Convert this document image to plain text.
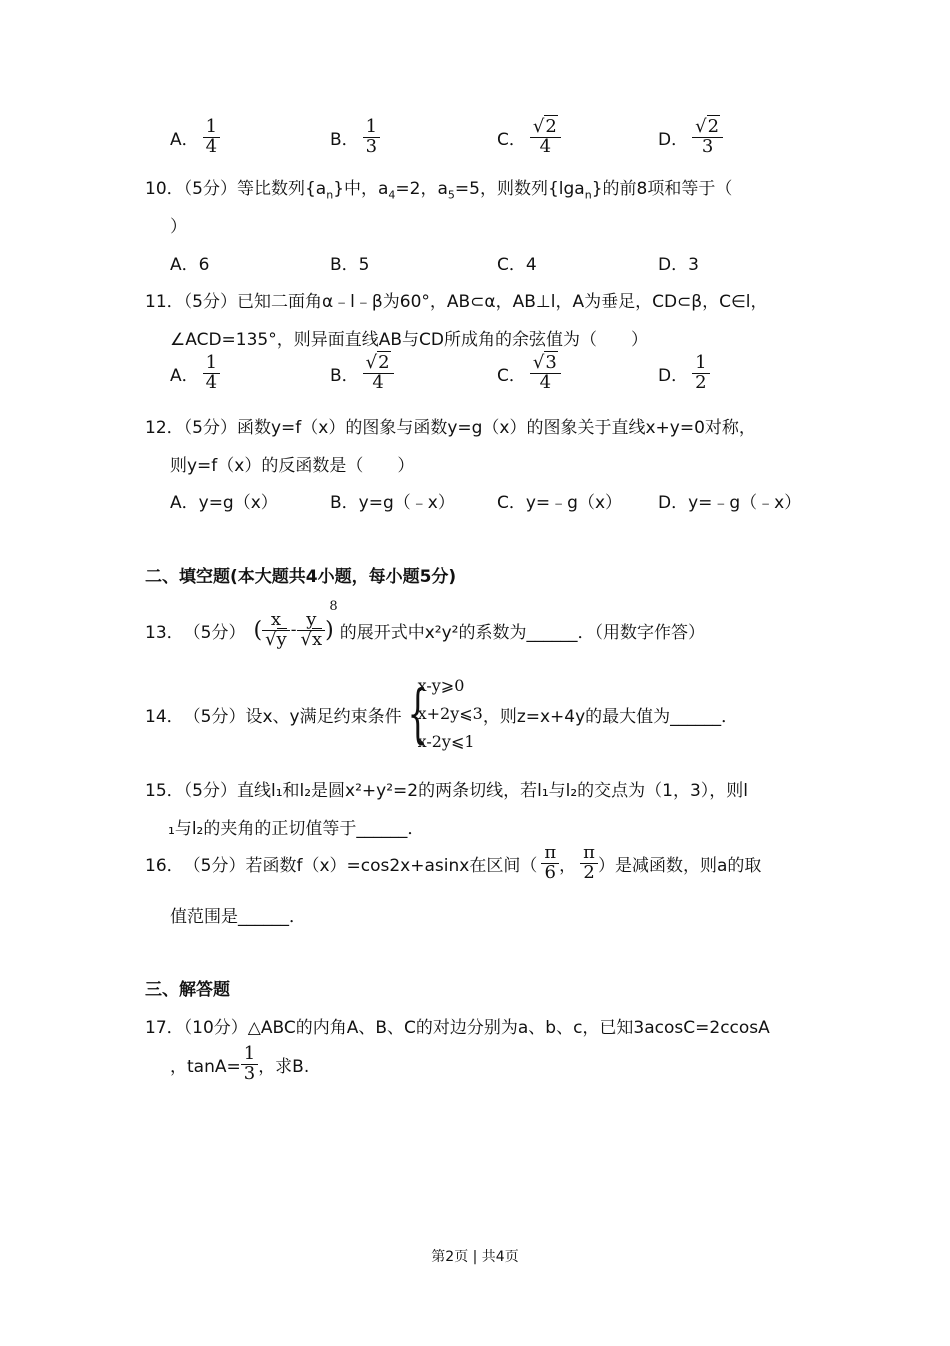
A． $\frac{1}{4}$	B． $\frac{1}{3}$	C． $\frac{√2}{4}$	D． $\frac{√2}{3}$
10．（5分）等比数列$\{a_n\}$中，$a_4=2$，$a_5=5$，则数列{lga$_n$}的前8项和等于（
）
A．6	B．5	C．4	D．3
11．（5分）已知二面角α﹣l﹣β为60°，AB⊂α，AB⊥l，A为垂足，CD⊂β，C∈l，
∠ACD=135°，则异面直线AB与CD所成角的余弦值为（　　）
A． $\frac{1}{4}$	B． $\frac{√2}{4}$	C． $\frac{√3}{4}$	D． $\frac{1}{2}$
12．（5分）函数y=f（x）的图象与函数y=g（x）的图象关于直线x+y=0对称，
则y=f（x）的反函数是（　　）
A．y=g（x）	B．y=g（﹣x） C．y=﹣g（x） D．y=﹣g（﹣x）
二、填空题(本大题共4小题，每小题5分)
13． （5分） ( $\frac{x}{√y} - \frac{y}{√x}$ )
8
的展开式中x²y²的系数为______．（用数字作答）
14． （5分） 设x、y满足约束条件 {
x-y⩾0
x+2y⩽3
x-2y⩽1
，则z=x+4y的最大值为______．
15．（5分）直线l₁和l₂是圆x²+y²=2的两条切线，若l₁与l₂的交点为（1，3），则l
₁与l₂的夹角的正切值等于______．
16． （5分） 若函数f（x）=cos2x+asinx在区间（ $\frac{\pi}{6}$ ， $\frac{\pi}{2}$ ）是减函数，则a的取
值范围是______．
三、解答题
17．（10分）△ABC的内角A、B、C的对边分别为a、b、c，已知3acosC=2ccosA
，$\tan A= \frac{1}{3}$ ，求B.
第2页 | 共4页
